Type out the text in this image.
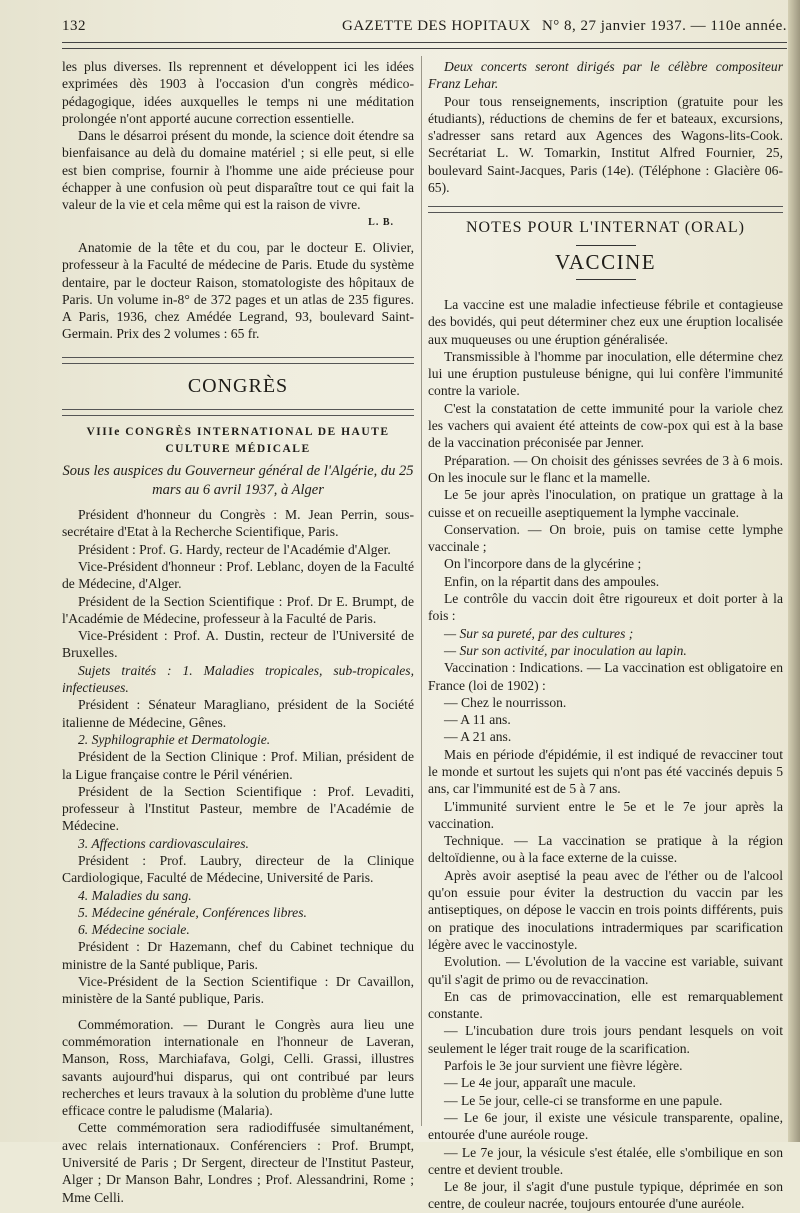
132	GAZETTE DES HOPITAUX N° 8, 27 janvier 1937. — 110e année.

les plus diverses. Ils reprennent et développent ici les idées exprimées dès 1903 à l'occasion d'un congrès médico-pédagogique, idées auxquelles le temps ni une méditation prolongée n'ont apporté aucune correction essentielle.

Dans le désarroi présent du monde, la science doit étendre sa bienfaisance au delà du domaine matériel ; si elle peut, si elle est bien comprise, fournir à l'homme une aide précieuse pour échapper à une confusion où peut disparaître tout ce qui fait la valeur de la vie et cela même qui est la raison de vivre.

L. B.

Anatomie de la tête et du cou, par le docteur E. Olivier, professeur à la Faculté de médecine de Paris. Etude du système dentaire, par le docteur Raison, stomatologiste des hôpitaux de Paris. Un volume in-8° de 372 pages et un atlas de 235 figures. A Paris, 1936, chez Amédée Legrand, 93, boulevard Saint-Germain. Prix des 2 volumes : 65 fr.

CONGRÈS
VIIIe CONGRÈS INTERNATIONAL DE HAUTE CULTURE MÉDICALE

Sous les auspices du Gouverneur général de l'Algérie, du 25 mars au 6 avril 1937, à Alger

Président d'honneur du Congrès : M. Jean Perrin, sous-secrétaire d'Etat à la Recherche Scientifique, Paris.

Président : Prof. G. Hardy, recteur de l'Académie d'Alger.

Vice-Président d'honneur : Prof. Leblanc, doyen de la Faculté de Médecine, d'Alger.

Président de la Section Scientifique : Prof. Dr E. Brumpt, de l'Académie de Médecine, professeur à la Faculté de Paris.

Vice-Président : Prof. A. Dustin, recteur de l'Université de Bruxelles.

Sujets traités : 1. Maladies tropicales, sub-tropicales, infectieuses.

Président : Sénateur Maragliano, président de la Société italienne de Médecine, Gênes.

2. Syphilographie et Dermatologie.

Président de la Section Clinique : Prof. Milian, président de la Ligue française contre le Péril vénérien.

Président de la Section Scientifique : Prof. Levaditi, professeur à l'Institut Pasteur, membre de l'Académie de Médecine.

3. Affections cardiovasculaires.

Président : Prof. Laubry, directeur de la Clinique Cardiologique, Faculté de Médecine, Université de Paris.

4. Maladies du sang.

5. Médecine générale, Conférences libres.

6. Médecine sociale.

Président : Dr Hazemann, chef du Cabinet technique du ministre de la Santé publique, Paris.

Vice-Président de la Section Scientifique : Dr Cavaillon, ministère de la Santé publique, Paris.

Commémoration. — Durant le Congrès aura lieu une commémoration internationale en l'honneur de Laveran, Manson, Ross, Marchiafava, Golgi, Celli. Grassi, illustres savants aujourd'hui disparus, qui ont contribué par leurs recherches et leurs travaux à la solution du problème d'une lutte efficace contre le paludisme (Malaria).

Cette commémoration sera radiodiffusée simultanément, avec relais internationaux. Conférenciers : Prof. Brumpt, Université de Paris ; Dr Sergent, directeur de l'Institut Pasteur, Alger ; Dr Manson Bahr, Londres ; Prof. Alessandrini, Rome ; Mme Celli.

Deux concerts seront dirigés par le célèbre compositeur Franz Lehar.

Pour tous renseignements, inscription (gratuite pour les étudiants), réductions de chemins de fer et bateaux, excursions, s'adresser sans retard aux Agences des Wagons-lits-Cook. Secrétariat L. W. Tomarkin, Institut Alfred Fournier, 25, boulevard Saint-Jacques, Paris (14e). (Téléphone : Glacière 06-65).

NOTES POUR L'INTERNAT (ORAL)
VACCINE

La vaccine est une maladie infectieuse fébrile et contagieuse des bovidés, qui peut déterminer chez eux une éruption localisée aux muqueuses ou une éruption généralisée.

Transmissible à l'homme par inoculation, elle détermine chez lui une éruption pustuleuse bénigne, qui lui confère l'immunité contre la variole.

C'est la constatation de cette immunité pour la variole chez les vachers qui avaient été atteints de cow-pox qui est à la base de la vaccination préconisée par Jenner.

Préparation. — On choisit des génisses sevrées de 3 à 6 mois. On les inocule sur le flanc et la mamelle.

Le 5e jour après l'inoculation, on pratique un grattage à la cuisse et on recueille aseptiquement la lymphe vaccinale.

Conservation. — On broie, puis on tamise cette lymphe vaccinale ;

On l'incorpore dans de la glycérine ;

Enfin, on la répartit dans des ampoules.

Le contrôle du vaccin doit être rigoureux et doit porter à la fois :

— Sur sa pureté, par des cultures ;

— Sur son activité, par inoculation au lapin.

Vaccination : Indications. — La vaccination est obligatoire en France (loi de 1902) :

— Chez le nourrisson.

— A 11 ans.

— A 21 ans.

Mais en période d'épidémie, il est indiqué de revacciner tout le monde et surtout les sujets qui n'ont pas été vaccinés depuis 5 ans, car l'immunité est de 5 à 7 ans.

L'immunité survient entre le 5e et le 7e jour après la vaccination.

Technique. — La vaccination se pratique à la région deltoïdienne, ou à la face externe de la cuisse.

Après avoir aseptisé la peau avec de l'éther ou de l'alcool qu'on essuie pour éviter la destruction du vaccin par les antiseptiques, on dépose le vaccin en trois points différents, puis on pratique des inoculations intradermiques par scarification légère avec le vaccinostyle.

Evolution. — L'évolution de la vaccine est variable, suivant qu'il s'agit de primo ou de revaccination.

En cas de primovaccination, elle est remarquablement constante.

— L'incubation dure trois jours pendant lesquels on voit seulement le léger trait rouge de la scarification.

Parfois le 3e jour survient une fièvre légère.

— Le 4e jour, apparaît une macule.

— Le 5e jour, celle-ci se transforme en une papule.

— Le 6e jour, il existe une vésicule transparente, opaline, entourée d'une auréole rouge.

— Le 7e jour, la vésicule s'est étalée, elle s'ombilique en son centre et devient trouble.

Le 8e jour, il s'agit d'une pustule typique, déprimée en son centre, de couleur nacrée, toujours entourée d'une auréole.
